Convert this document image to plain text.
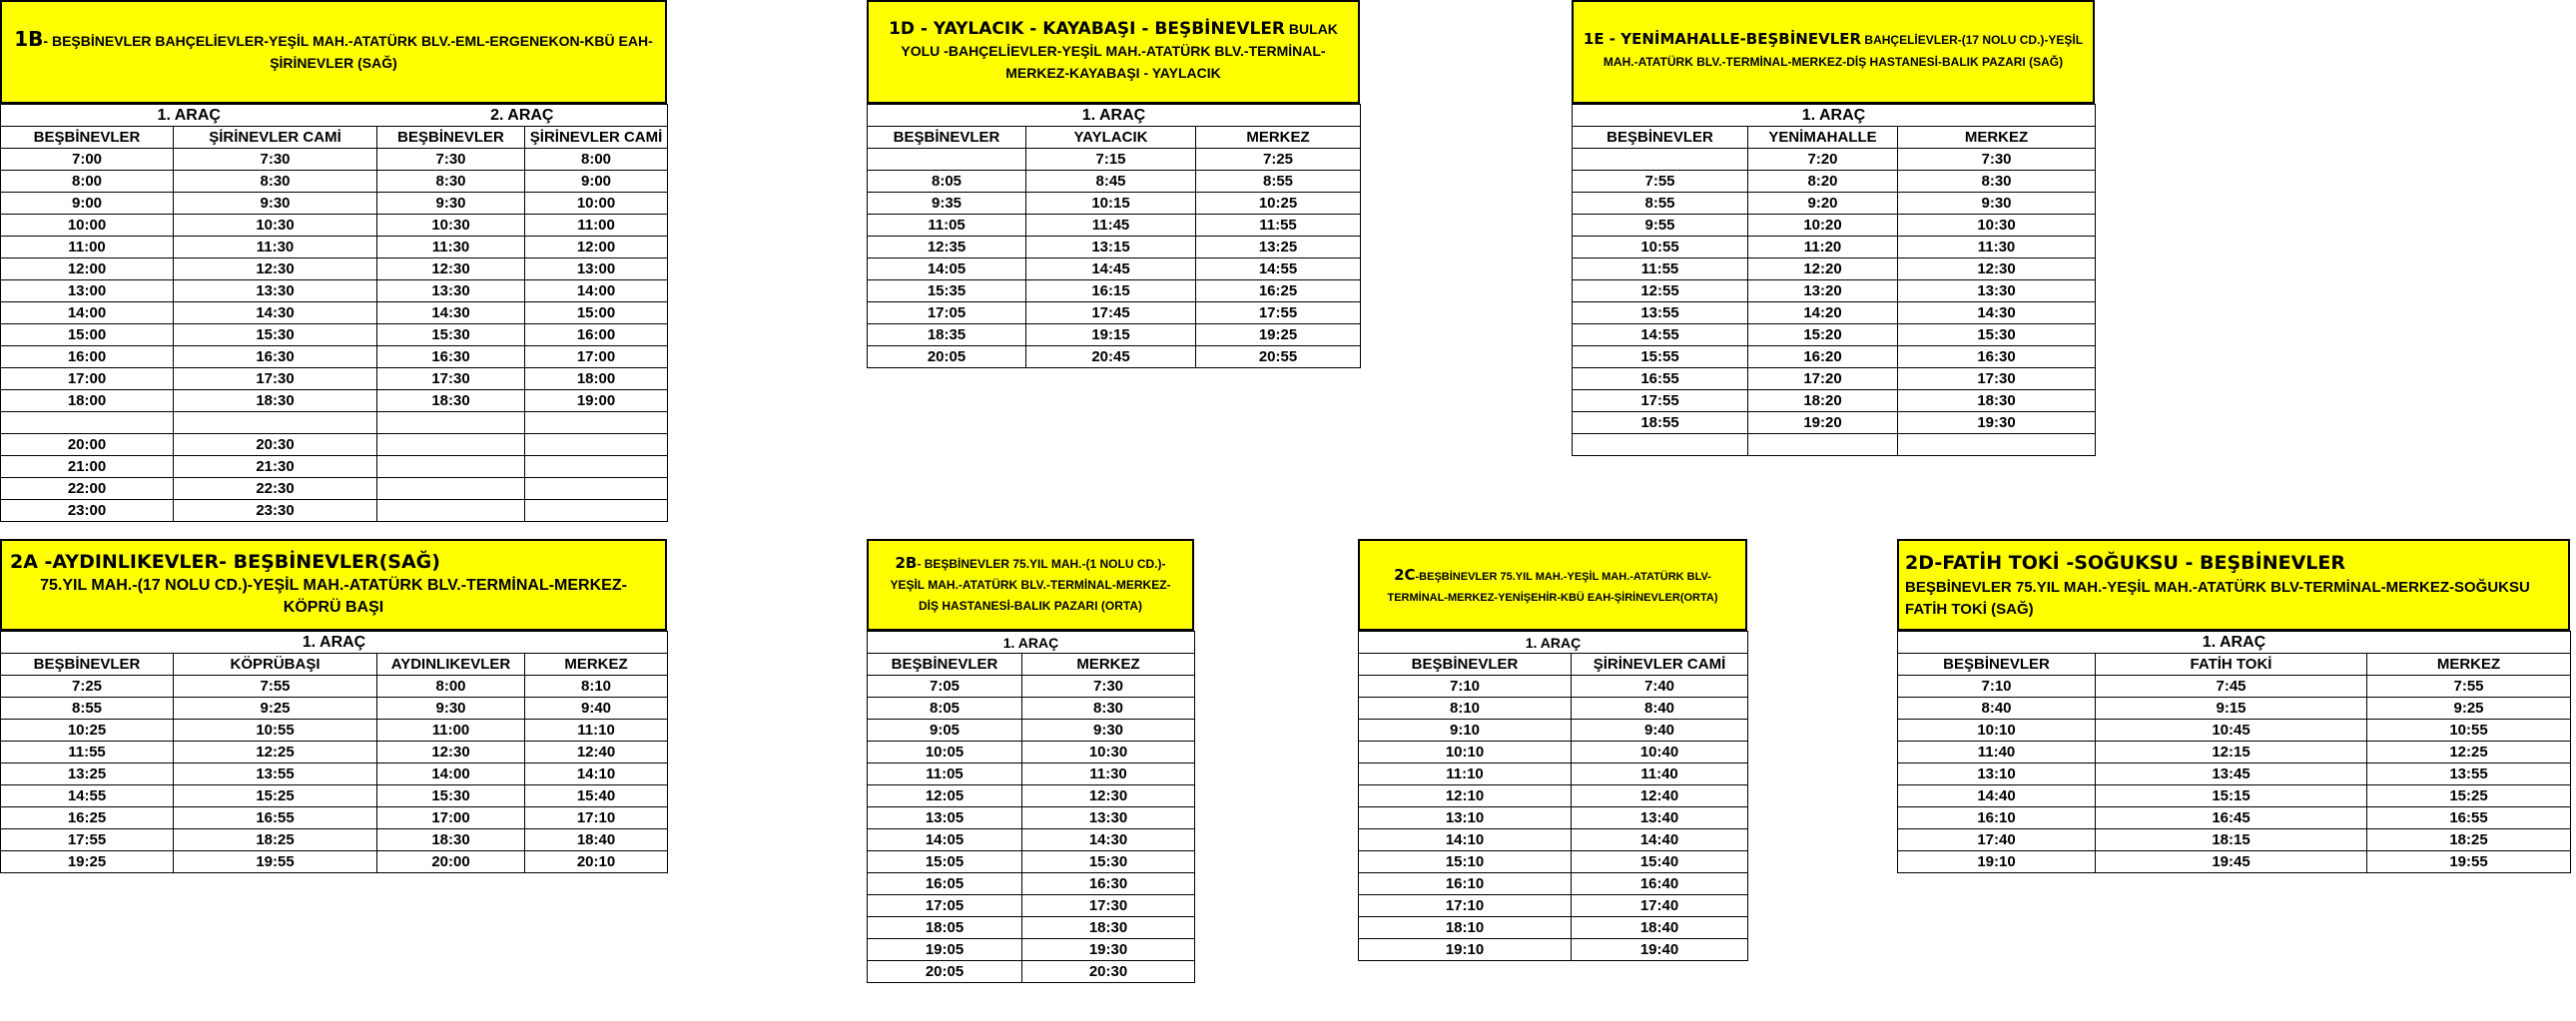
1B- BEŞBİNEVLER BAHÇELİEVLER-YEŞİL MAH.-ATATÜRK BLV.-EML-ERGENEKON-KBÜ EAH-ŞİRİNEVLER (SAĞ)
1. ARAÇ		2. ARAÇ	
BEŞBİNEVLER	ŞİRİNEVLER CAMİ	BEŞBİNEVLER	ŞİRİNEVLER CAMİ
7:00	7:30	7:30	8:00
8:00	8:30	8:30	9:00
9:00	9:30	9:30	10:00
10:00	10:30	10:30	11:00
11:00	11:30	11:30	12:00
12:00	12:30	12:30	13:00
13:00	13:30	13:30	14:00
14:00	14:30	14:30	15:00
15:00	15:30	15:30	16:00
16:00	16:30	16:30	17:00
17:00	17:30	17:30	18:00
18:00	18:30	18:30	19:00

20:00	20:30		
21:00	21:30		
22:00	22:30		
23:00	23:30		
1D - YAYLACIK - KAYABAŞI - BEŞBİNEVLER BULAK
YOLU -BAHÇELİEVLER-YEŞİL MAH.-ATATÜRK BLV.-TERMİNAL-
MERKEZ-KAYABAŞI - YAYLACIK
1. ARAÇ		
BEŞBİNEVLER	YAYLACIK	MERKEZ
	7:15	7:25
8:05	8:45	8:55
9:35	10:15	10:25
11:05	11:45	11:55
12:35	13:15	13:25
14:05	14:45	14:55
15:35	16:15	16:25
17:05	17:45	17:55
18:35	19:15	19:25
20:05	20:45	20:55
1E - YENİMAHALLE-BEŞBİNEVLER BAHÇELİEVLER-(17 NOLU CD.)-YEŞİL
MAH.-ATATÜRK BLV.-TERMİNAL-MERKEZ-DİŞ HASTANESİ-BALIK PAZARI (SAĞ)
1. ARAÇ		
BEŞBİNEVLER	YENİMAHALLE	MERKEZ
	7:20	7:30
7:55	8:20	8:30
8:55	9:20	9:30
9:55	10:20	10:30
10:55	11:20	11:30
11:55	12:20	12:30
12:55	13:20	13:30
13:55	14:20	14:30
14:55	15:20	15:30
15:55	16:20	16:30
16:55	17:20	17:30
17:55	18:20	18:30
18:55	19:20	19:30

2A -AYDINLIKEVLER- BEŞBİNEVLER(SAĞ)
75.YIL MAH.-(17 NOLU CD.)-YEŞİL MAH.-ATATÜRK BLV.-TERMİNAL-MERKEZ-KÖPRÜ BAŞI
1. ARAÇ			
BEŞBİNEVLER	KÖPRÜBAŞI	AYDINLIKEVLER	MERKEZ
7:25	7:55	8:00	8:10
8:55	9:25	9:30	9:40
10:25	10:55	11:00	11:10
11:55	12:25	12:30	12:40
13:25	13:55	14:00	14:10
14:55	15:25	15:30	15:40
16:25	16:55	17:00	17:10
17:55	18:25	18:30	18:40
19:25	19:55	20:00	20:10
2B- BEŞBİNEVLER 75.YIL MAH.-(1 NOLU CD.)-
YEŞİL MAH.-ATATÜRK BLV.-TERMİNAL-MERKEZ-
DİŞ HASTANESİ-BALIK PAZARI (ORTA)
1. ARAÇ	
BEŞBİNEVLER	MERKEZ
7:05	7:30
8:05	8:30
9:05	9:30
10:05	10:30
11:05	11:30
12:05	12:30
13:05	13:30
14:05	14:30
15:05	15:30
16:05	16:30
17:05	17:30
18:05	18:30
19:05	19:30
20:05	20:30
2C-BEŞBİNEVLER 75.YIL MAH.-YEŞİL MAH.-ATATÜRK BLV-
TERMİNAL-MERKEZ-YENİŞEHİR-KBÜ EAH-ŞİRİNEVLER(ORTA)
1. ARAÇ	
BEŞBİNEVLER	ŞİRİNEVLER CAMİ
7:10	7:40
8:10	8:40
9:10	9:40
10:10	10:40
11:10	11:40
12:10	12:40
13:10	13:40
14:10	14:40
15:10	15:40
16:10	16:40
17:10	17:40
18:10	18:40
19:10	19:40
2D-FATİH TOKİ -SOĞUKSU - BEŞBİNEVLER
BEŞBİNEVLER 75.YIL MAH.-YEŞİL MAH.-ATATÜRK BLV-TERMİNAL-MERKEZ-SOĞUKSU FATİH TOKİ (SAĞ)
1. ARAÇ		
BEŞBİNEVLER	FATİH TOKİ	MERKEZ
7:10	7:45	7:55
8:40	9:15	9:25
10:10	10:45	10:55
11:40	12:15	12:25
13:10	13:45	13:55
14:40	15:15	15:25
16:10	16:45	16:55
17:40	18:15	18:25
19:10	19:45	19:55
